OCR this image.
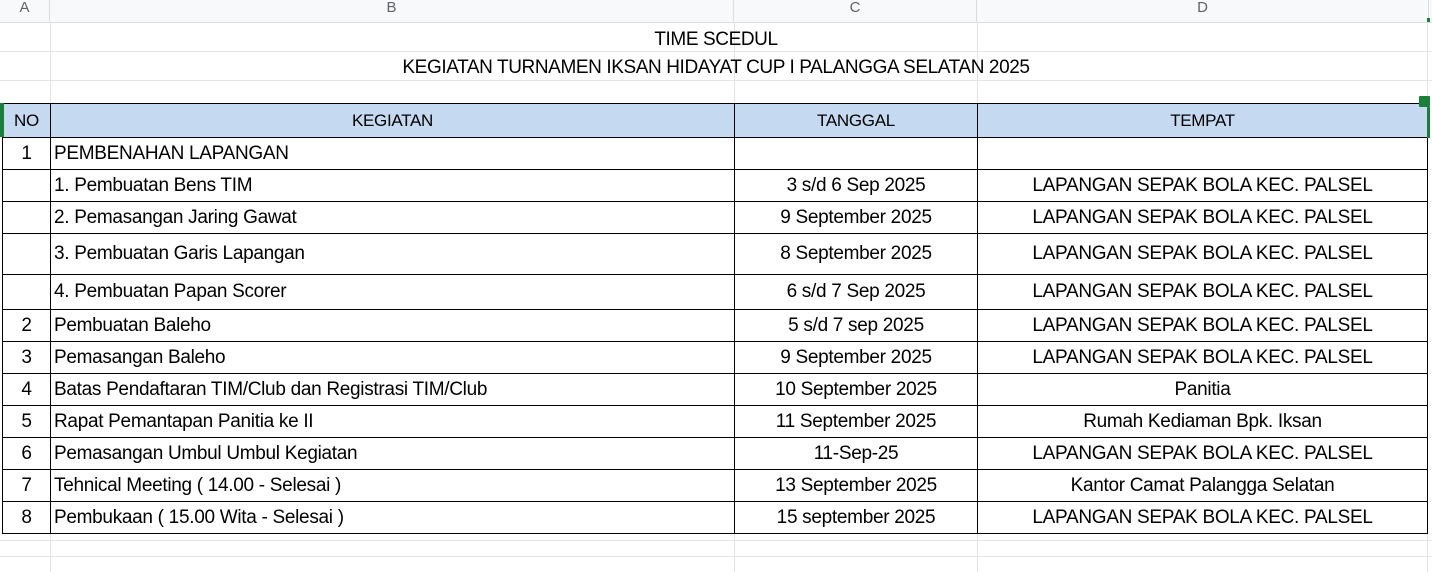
A	B	C	D
TIME SCEDUL
KEGIATAN TURNAMEN IKSAN HIDAYAT CUP I PALANGGA SELATAN 2025
NO	KEGIATAN	TANGGAL	TEMPAT
1	PEMBENAHAN LAPANGAN		
	1. Pembuatan Bens TIM	3 s/d 6 Sep 2025	LAPANGAN SEPAK BOLA KEC. PALSEL
	2. Pemasangan Jaring Gawat	9 September 2025	LAPANGAN SEPAK BOLA KEC. PALSEL
	3. Pembuatan Garis Lapangan	8 September 2025	LAPANGAN SEPAK BOLA KEC. PALSEL
	4. Pembuatan Papan Scorer	6 s/d 7 Sep 2025	LAPANGAN SEPAK BOLA KEC. PALSEL
2	Pembuatan Baleho	5 s/d 7 sep 2025	LAPANGAN SEPAK BOLA KEC. PALSEL
3	Pemasangan Baleho	9 September 2025	LAPANGAN SEPAK BOLA KEC. PALSEL
4	Batas Pendaftaran TIM/Club dan Registrasi TIM/Club	10 September 2025	Panitia
5	Rapat Pemantapan Panitia ke II	11 September 2025	Rumah Kediaman Bpk. Iksan
6	Pemasangan Umbul Umbul Kegiatan	11-Sep-25	LAPANGAN SEPAK BOLA KEC. PALSEL
7	Tehnical Meeting ( 14.00 - Selesai )	13 September 2025	Kantor Camat Palangga Selatan
8	Pembukaan ( 15.00 Wita - Selesai )	15 september 2025	LAPANGAN SEPAK BOLA KEC. PALSEL
